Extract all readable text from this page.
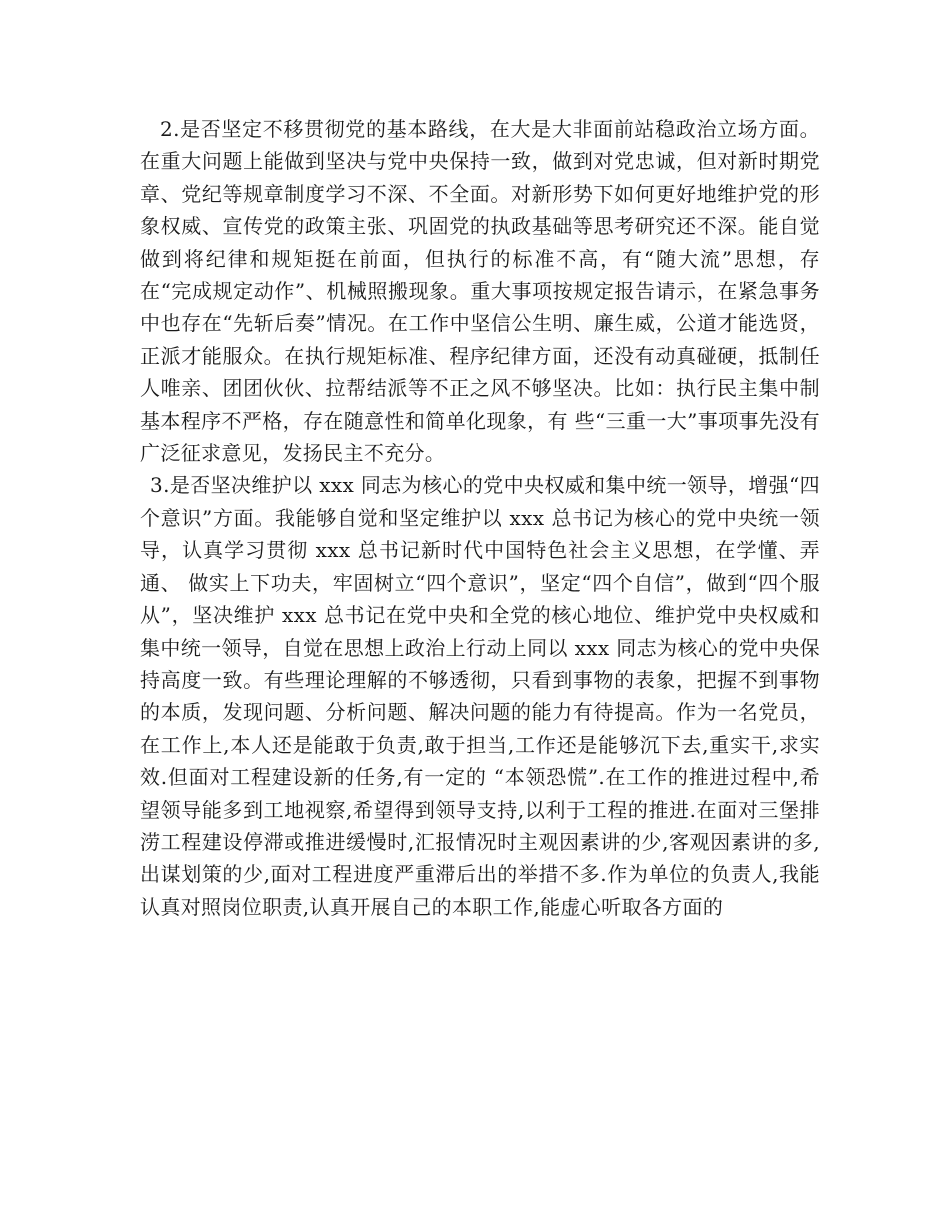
2.是否坚定不移贯彻党的基本路线，在大是大非面前站稳政治立场方面。在重大问题上能做到坚决与党中央保持一致，做到对党忠诚，但对新时期党章、党纪等规章制度学习不深、不全面。对新形势下如何更好地维护党的形象权威、宣传党的政策主张、巩固党的执政基础等思考研究还不深。能自觉做到将纪律和规矩挺在前面，但执行的标准不高，有“随大流”思想，存在“完成规定动作”、机械照搬现象。重大事项按规定报告请示，在紧急事务中也存在“先斩后奏”情况。在工作中坚信公生明、廉生威，公道才能选贤，正派才能服众。在执行规矩标准、程序纪律方面，还没有动真碰硬，抵制任人唯亲、团团伙伙、拉帮结派等不正之风不够坚决。比如：执行民主集中制基本程序不严格，存在随意性和简单化现象，有 些“三重一大”事项事先没有广泛征求意见，发扬民主不充分。

3.是否坚决维护以 xxx 同志为核心的党中央权威和集中统一领导，增强“四个意识”方面。我能够自觉和坚定维护以 xxx 总书记为核心的党中央统一领导，认真学习贯彻 xxx 总书记新时代中国特色社会主义思想，在学懂、弄通、 做实上下功夫，牢固树立“四个意识”，坚定“四个自信”，做到“四个服从”，坚决维护 xxx 总书记在党中央和全党的核心地位、维护党中央权威和集中统一领导，自觉在思想上政治上行动上同以 xxx 同志为核心的党中央保持高度一致。有些理论理解的不够透彻，只看到事物的表象，把握不到事物的本质，发现问题、分析问题、解决问题的能力有待提高。作为一名党员，在工作上,本人还是能敢于负责,敢于担当,工作还是能够沉下去,重实干,求实效.但面对工程建设新的任务,有一定的 “本领恐慌”.在工作的推进过程中,希望领导能多到工地视察,希望得到领导支持,以利于工程的推进.在面对三堡排涝工程建设停滞或推进缓慢时,汇报情况时主观因素讲的少,客观因素讲的多,出谋划策的少,面对工程进度严重滞后出的举措不多.作为单位的负责人,我能认真对照岗位职责,认真开展自己的本职工作,能虚心听取各方面的
